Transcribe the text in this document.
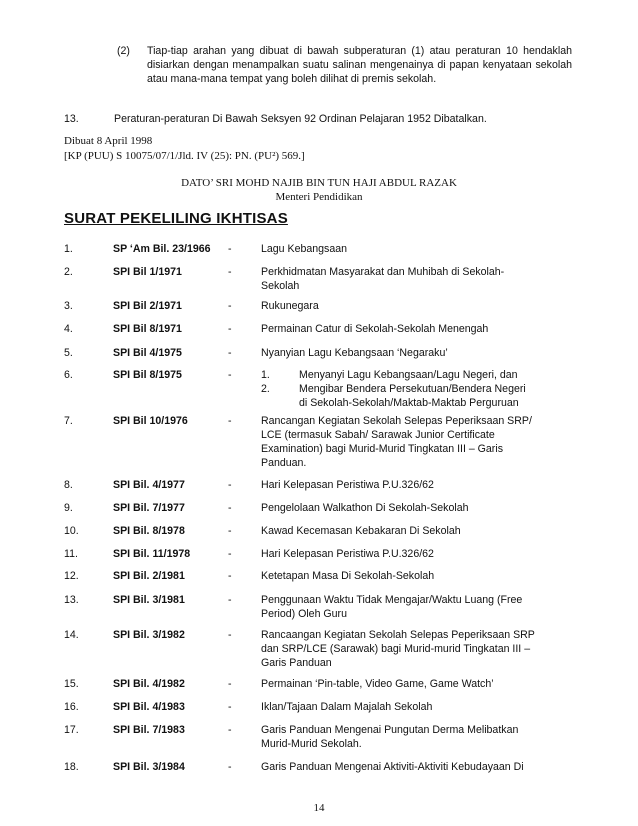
(2) Tiap-tiap arahan yang dibuat di bawah subperaturan (1) atau peraturan 10 hendaklah disiarkan dengan menampalkan suatu salinan mengenainya di papan kenyataan sekolah atau mana-mana tempat yang boleh dilihat di premis sekolah.
13.	Peraturan-peraturan Di Bawah Seksyen 92 Ordinan Pelajaran 1952 Dibatalkan.
Dibuat 8 April 1998
[KP (PUU) S 10075/07/1/Jld. IV (25): PN. (PU²) 569.]
DATO’ SRI MOHD NAJIB BIN TUN HAJI ABDUL RAZAK
Menteri Pendidikan
SURAT PEKELILING IKHTISAS
1.	SP ‘Am Bil. 23/1966 -	Lagu Kebangsaan
2.	SPI Bil 1/1971	-	Perkhidmatan Masyarakat dan Muhibah di Sekolah-
Sekolah
3.	SPI Bil 2/1971	-	Rukunegara
4.	SPI Bil 8/1971	-	Permainan Catur di Sekolah-Sekolah Menengah
5.	SPI Bil 4/1975	-	Nyanyian Lagu Kebangsaan ‘Negaraku’
6.	SPI Bil 8/1975	-	1.	Menyanyi Lagu Kebangsaan/Lagu Negeri, dan
2.	Mengibar Bendera Persekutuan/Bendera Negeri
di Sekolah-Sekolah/Maktab-Maktab Perguruan
7.	SPI Bil 10/1976	-	Rancangan Kegiatan Sekolah Selepas Peperiksaan SRP/
LCE (termasuk Sabah/ Sarawak Junior Certificate
Examination) bagi Murid-Murid Tingkatan III – Garis
Panduan.
8.	SPI Bil. 4/1977	-	Hari Kelepasan Peristiwa P.U.326/62
9.	SPI Bil. 7/1977	-	Pengelolaan Walkathon Di Sekolah-Sekolah
10.	SPI Bil. 8/1978	-	Kawad Kecemasan Kebakaran Di Sekolah
11.	SPI Bil. 11/1978	-	Hari Kelepasan Peristiwa P.U.326/62
12.	SPI Bil. 2/1981	-	Ketetapan Masa Di Sekolah-Sekolah
13.	SPI Bil. 3/1981	-	Penggunaan Waktu Tidak Mengajar/Waktu Luang (Free
Period) Oleh Guru
14.	SPI Bil. 3/1982	-	Rancaangan Kegiatan Sekolah Selepas Peperiksaan SRP
dan SRP/LCE (Sarawak) bagi Murid-murid Tingkatan III –
Garis Panduan
15.	SPI Bil. 4/1982	-	Permainan ‘Pin-table, Video Game, Game Watch’
16.	SPI Bil. 4/1983	-	Iklan/Tajaan Dalam Majalah Sekolah
17.	SPI Bil. 7/1983	-	Garis Panduan Mengenai Pungutan Derma Melibatkan
Murid-Murid Sekolah.
18.	SPI Bil. 3/1984	-	Garis Panduan Mengenai Aktiviti-Aktiviti Kebudayaan Di
14
